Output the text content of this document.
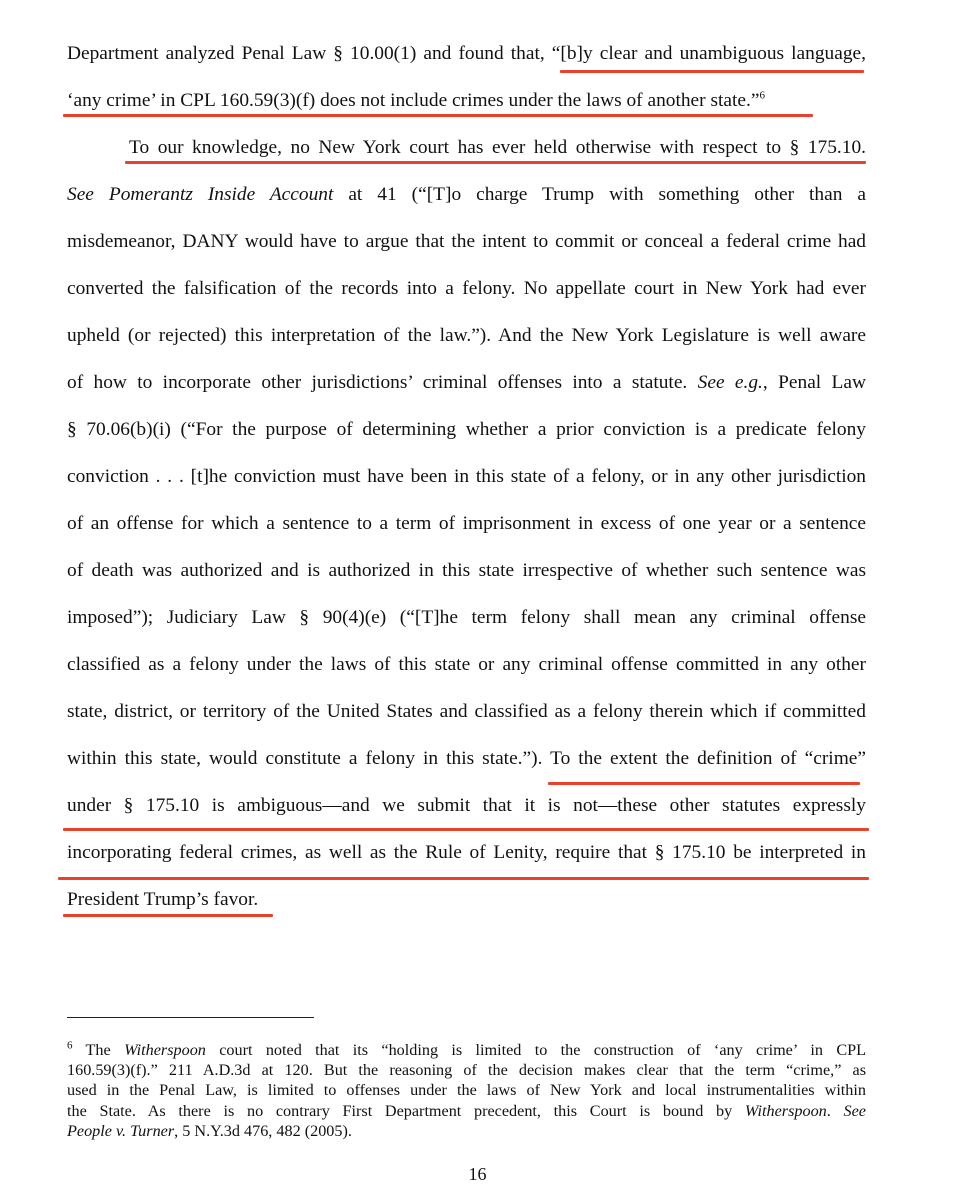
Department analyzed Penal Law § 10.00(1) and found that, “[b]y clear and unambiguous language,
‘any crime’ in CPL 160.59(3)(f) does not include crimes under the laws of another state.”$^6$
To our knowledge, no New York court has ever held otherwise with respect to § 175.10.
See Pomerantz Inside Account at 41 (“[T]o charge Trump with something other than a
misdemeanor, DANY would have to argue that the intent to commit or conceal a federal crime had
converted the falsification of the records into a felony. No appellate court in New York had ever
upheld (or rejected) this interpretation of the law.”). And the New York Legislature is well aware
of how to incorporate other jurisdictions’ criminal offenses into a statute. See e.g., Penal Law
§ 70.06(b)(i) (“For the purpose of determining whether a prior conviction is a predicate felony
conviction . . . [t]he conviction must have been in this state of a felony, or in any other jurisdiction
of an offense for which a sentence to a term of imprisonment in excess of one year or a sentence
of death was authorized and is authorized in this state irrespective of whether such sentence was
imposed”); Judiciary Law § 90(4)(e) (“[T]he term felony shall mean any criminal offense
classified as a felony under the laws of this state or any criminal offense committed in any other
state, district, or territory of the United States and classified as a felony therein which if committed
within this state, would constitute a felony in this state.”). To the extent the definition of “crime”
under § 175.10 is ambiguous—and we submit that it is not—these other statutes expressly
incorporating federal crimes, as well as the Rule of Lenity, require that § 175.10 be interpreted in
President Trump’s favor.
$^6$ The Witherspoon court noted that its “holding is limited to the construction of ‘any crime’ in CPL
160.59(3)(f).” 211 A.D.3d at 120. But the reasoning of the decision makes clear that the term “crime,” as
used in the Penal Law, is limited to offenses under the laws of New York and local instrumentalities within
the State. As there is no contrary First Department precedent, this Court is bound by Witherspoon. See
People v. Turner, 5 N.Y.3d 476, 482 (2005).
16
